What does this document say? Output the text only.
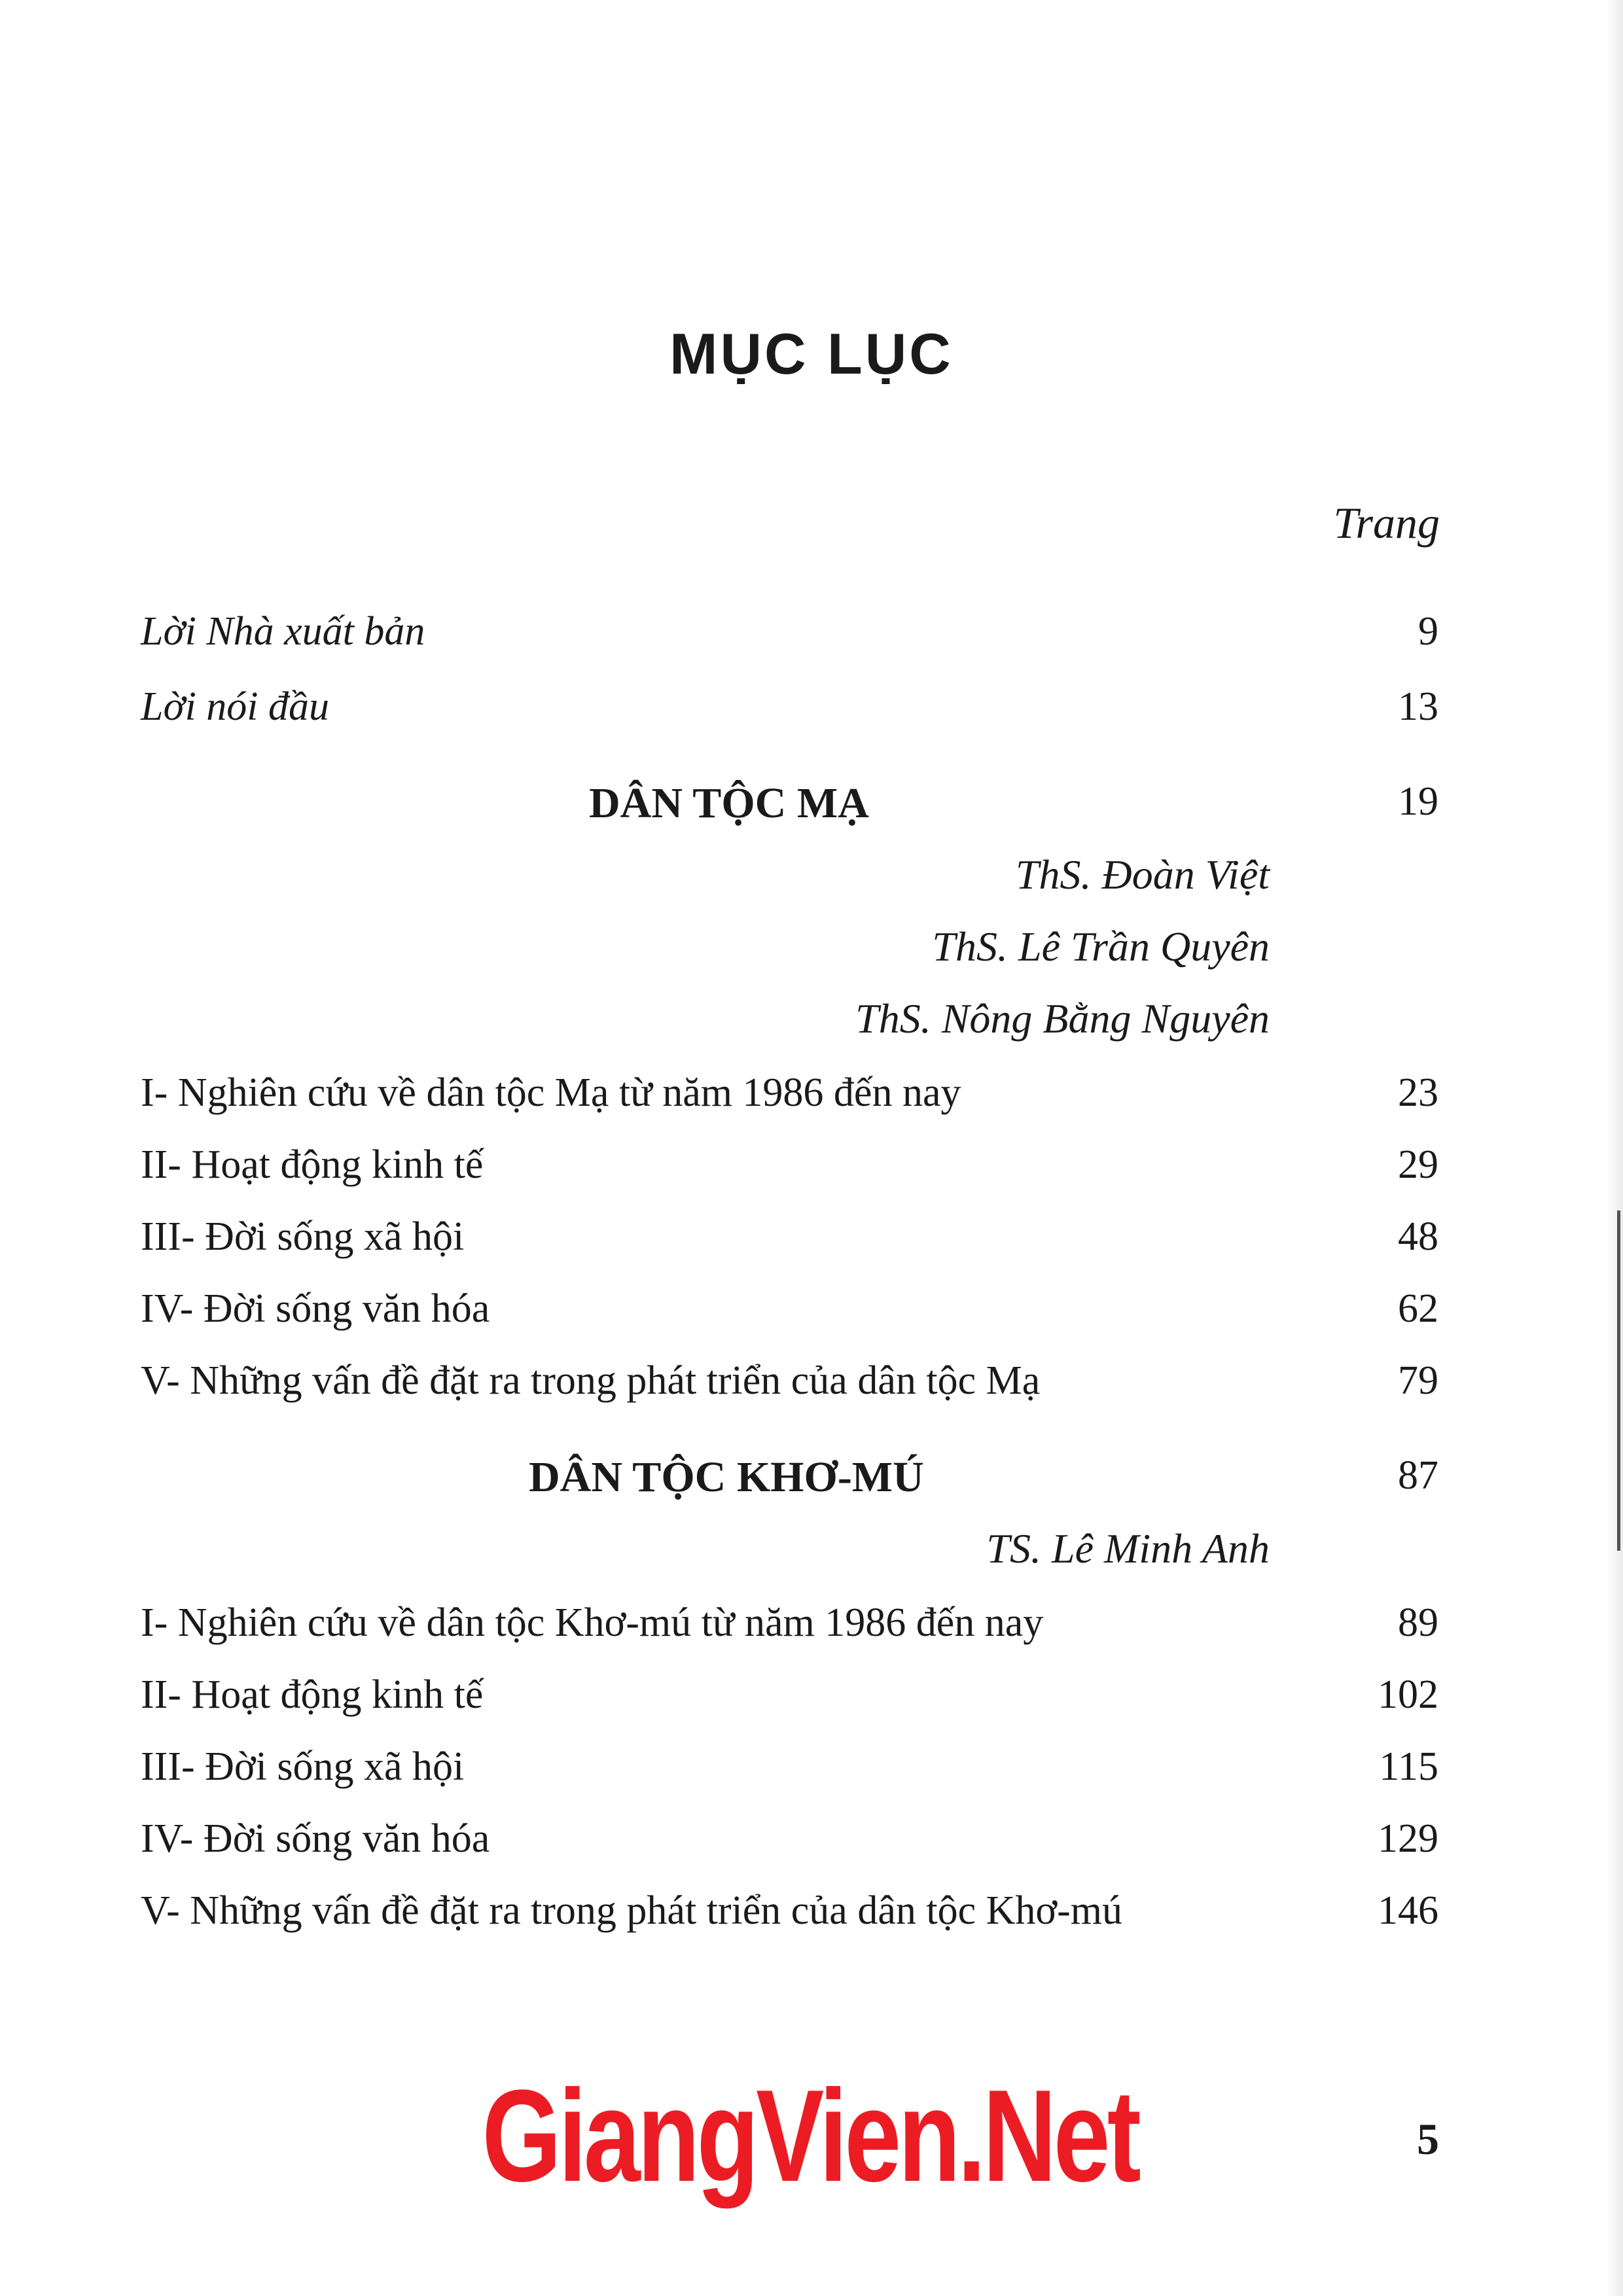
MỤC LỤC
Trang
Lời Nhà xuất bản	9
Lời nói đầu	13
DÂN TỘC MẠ	19
ThS. Đoàn Việt
ThS. Lê Trần Quyên
ThS. Nông Bằng Nguyên
I- Nghiên cứu về dân tộc Mạ từ năm 1986 đến nay	23
II- Hoạt động kinh tế	29
III- Đời sống xã hội	48
IV- Đời sống văn hóa	62
V- Những vấn đề đặt ra trong phát triển của dân tộc Mạ	79
DÂN TỘC KHƠ-MÚ	87
TS. Lê Minh Anh
I- Nghiên cứu về dân tộc Khơ-mú từ năm 1986 đến nay	89
II- Hoạt động kinh tế	102
III- Đời sống xã hội	115
IV- Đời sống văn hóa	129
V- Những vấn đề đặt ra trong phát triển của dân tộc Khơ-mú	146
GiangVien.Net	5
